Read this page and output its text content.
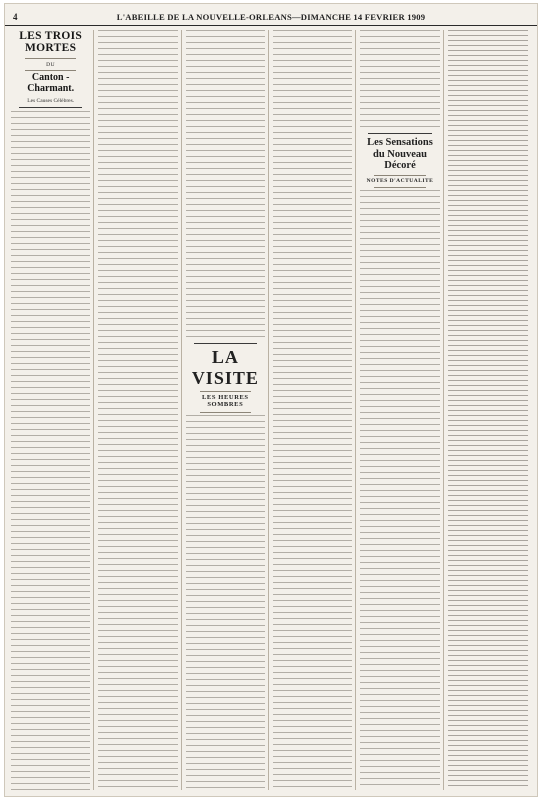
4	L'ABEILLE DE LA NOUVELLE-ORLEANS—DIMANCHE 14 FEVRIER 1909
LES TROIS MORTES
DU
Canton - Charmant.
Les Causes Célèbres.
LA VISITE
LES HEURES SOMBRES
Les Sensations du Nouveau Décoré
NOTES D'ACTUALITE
